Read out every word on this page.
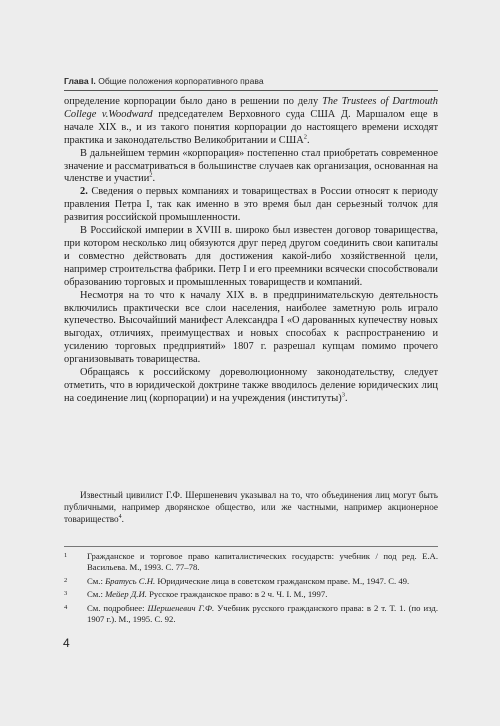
Глава I. Общие положения корпоративного права

определение корпорации было дано в решении по делу The Trustees of Dartmouth College v.Woodward председателем Верховного суда США Д. Маршалом еще в начале XIX в., и из такого понятия корпорации до настоящего времени исходят практика и законодательство Великобритании и США$^2$.

В дальнейшем термин «корпорация» постепенно стал приобретать современное значение и рассматриваться в большинстве случаев как организация, основанная на членстве и участии$^2$.

2. Сведения о первых компаниях и товариществах в России относят к периоду правления Петра I, так как именно в это время был дан серьезный толчок для развития российской промышленности.

В Российской империи в XVIII в. широко был известен договор товарищества, при котором несколько лиц обязуются друг перед другом соединить свои капиталы и совместно действовать для достижения какой-либо хозяйственной цели, например строительства фабрики. Петр I и его преемники всячески способствовали образованию торговых и промышленных товариществ и компаний.

Несмотря на то что к началу XIX в. в предпринимательскую деятельность включились практически все слои населения, наиболее заметную роль играло купечество. Высочайший манифест Александра I «О дарованных купечеству новых выгодах, отличиях, преимуществах и новых способах к распространению и усилению торговых предприятий» 1807 г. разрешал купцам помимо прочего организовывать товарищества.

Обращаясь к российскому дореволюционному законодательству, следует отметить, что в юридической доктрине также вводилось деление юридических лиц на соединение лиц (корпорации) и на учреждения (институты)$^3$.

Известный цивилист Г.Ф. Шершеневич указывал на то, что объединения лиц могут быть публичными, например дворянское общество, или же частными, например акционерное товарищество$^4$.

1	Гражданское и торговое право капиталистических государств: учебник / под ред. Е.А. Васильева. М., 1993. С. 77–78.
2	См.: Братусь С.Н. Юридические лица в советском гражданском праве. М., 1947. С. 49.
3	См.: Мейер Д.И. Русское гражданское право: в 2 ч. Ч. I. М., 1997.
4	См. подробнее: Шершеневич Г.Ф. Учебник русского гражданского права: в 2 т. Т. 1. (по изд. 1907 г.). М., 1995. С. 92.
4
